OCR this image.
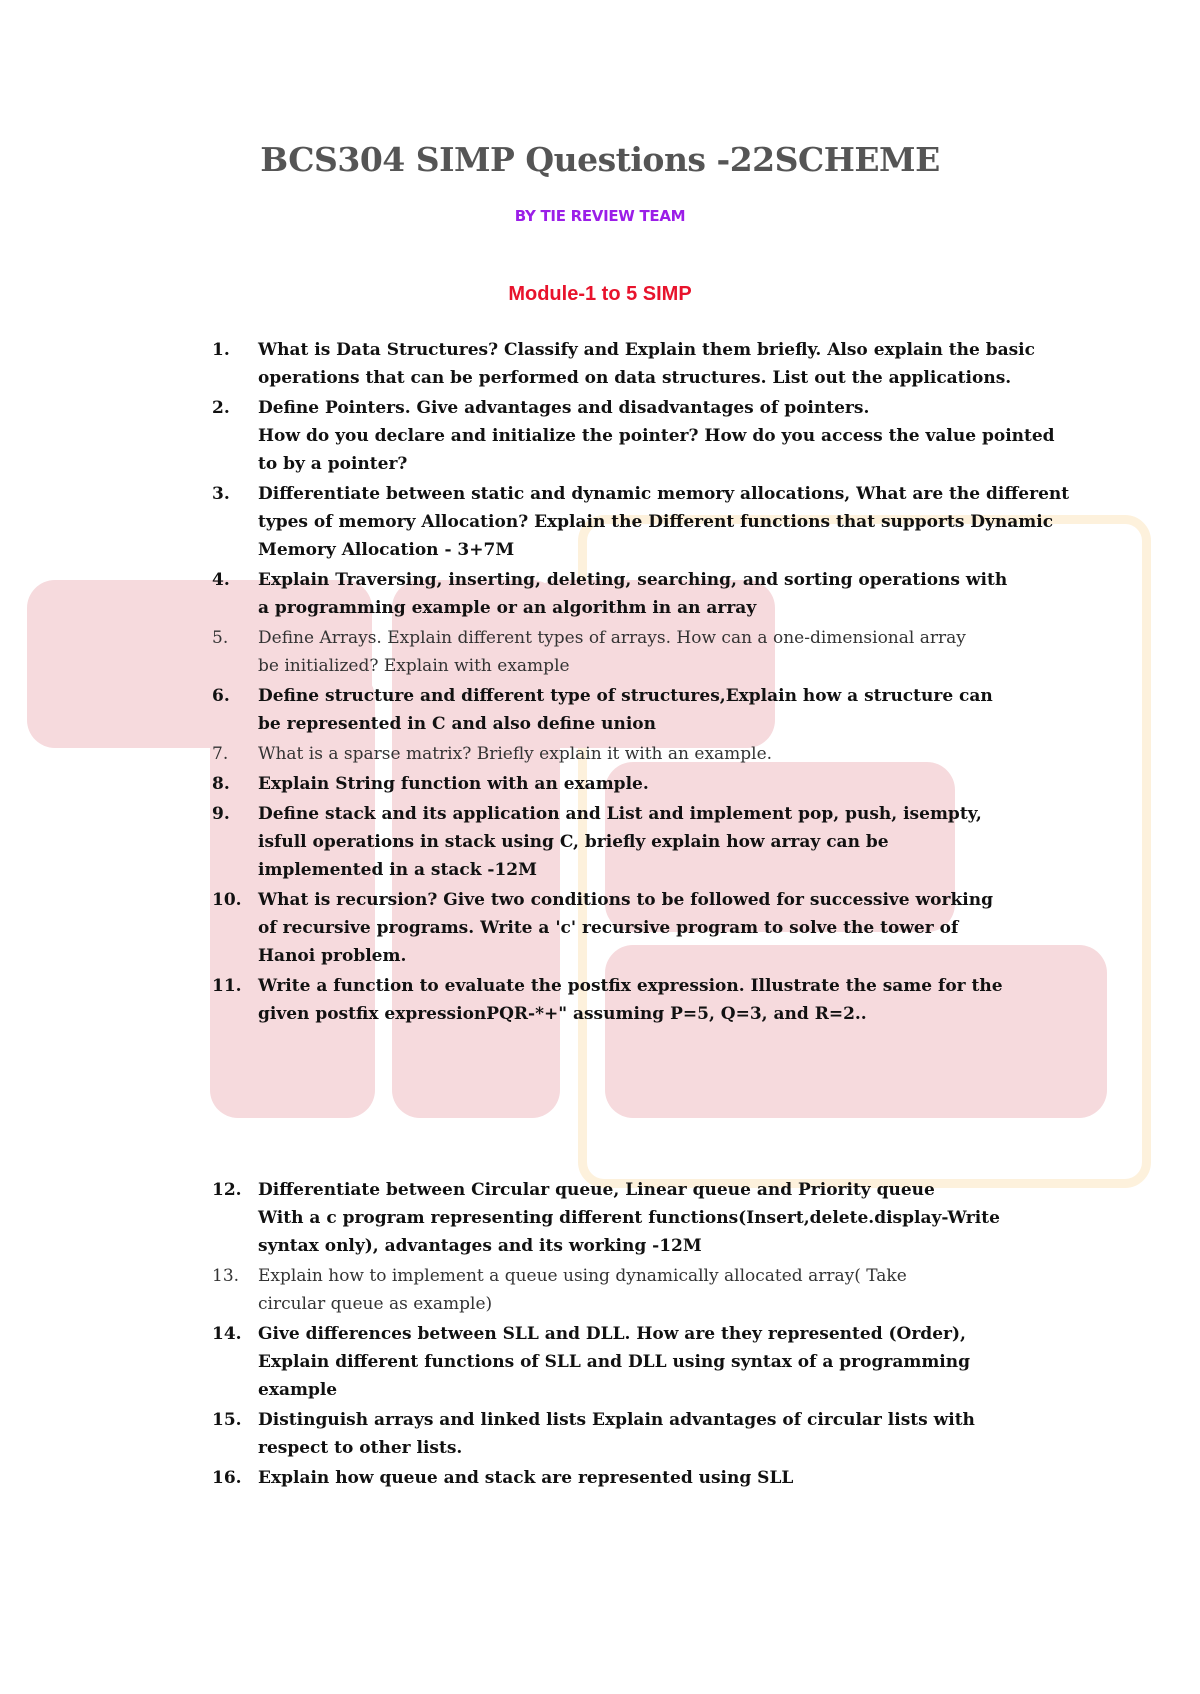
BCS304 SIMP Questions -22SCHEME
BY TIE REVIEW TEAM
Module-1 to 5 SIMP
1.	What is Data Structures? Classify and Explain them briefly. Also explain the basic
operations that can be performed on data structures. List out the applications.
2.	Define Pointers. Give advantages and disadvantages of pointers.
How do you declare and initialize the pointer? How do you access the value pointed
to by a pointer?
3.	Differentiate between static and dynamic memory allocations, What are the different
types of memory Allocation? Explain the Different functions that supports Dynamic
Memory Allocation - 3+7M
4.	Explain Traversing, inserting, deleting, searching, and sorting operations with
a programming example or an algorithm in an array
5.	Define Arrays. Explain different types of arrays. How can a one-dimensional array
be initialized? Explain with example
6.	Define structure and different type of structures,Explain how a structure can
be represented in C and also define union
7.	What is a sparse matrix? Briefly explain it with an example.
8.	Explain String function with an example.
9.	Define stack and its application and List and implement pop, push, isempty,
isfull operations in stack using C, briefly explain how array can be
implemented in a stack -12M
10. What is recursion? Give two conditions to be followed for successive working
of recursive programs. Write a 'c' recursive program to solve the tower of
Hanoi problem.
11. Write a function to evaluate the postfix expression. Illustrate the same for the
given postfix expressionPQR-*+" assuming P=5, Q=3, and R=2..
12. Differentiate between Circular queue, Linear queue and Priority queue
With a c program representing different functions(Insert,delete.display-Write
syntax only), advantages and its working -12M
13.	Explain how to implement a queue using dynamically allocated array( Take
circular queue as example)
14. Give differences between SLL and DLL. How are they represented (Order),
Explain different functions of SLL and DLL using syntax of a programming
example
15. Distinguish arrays and linked lists Explain advantages of circular lists with
respect to other lists.
16. Explain how queue and stack are represented using SLL
